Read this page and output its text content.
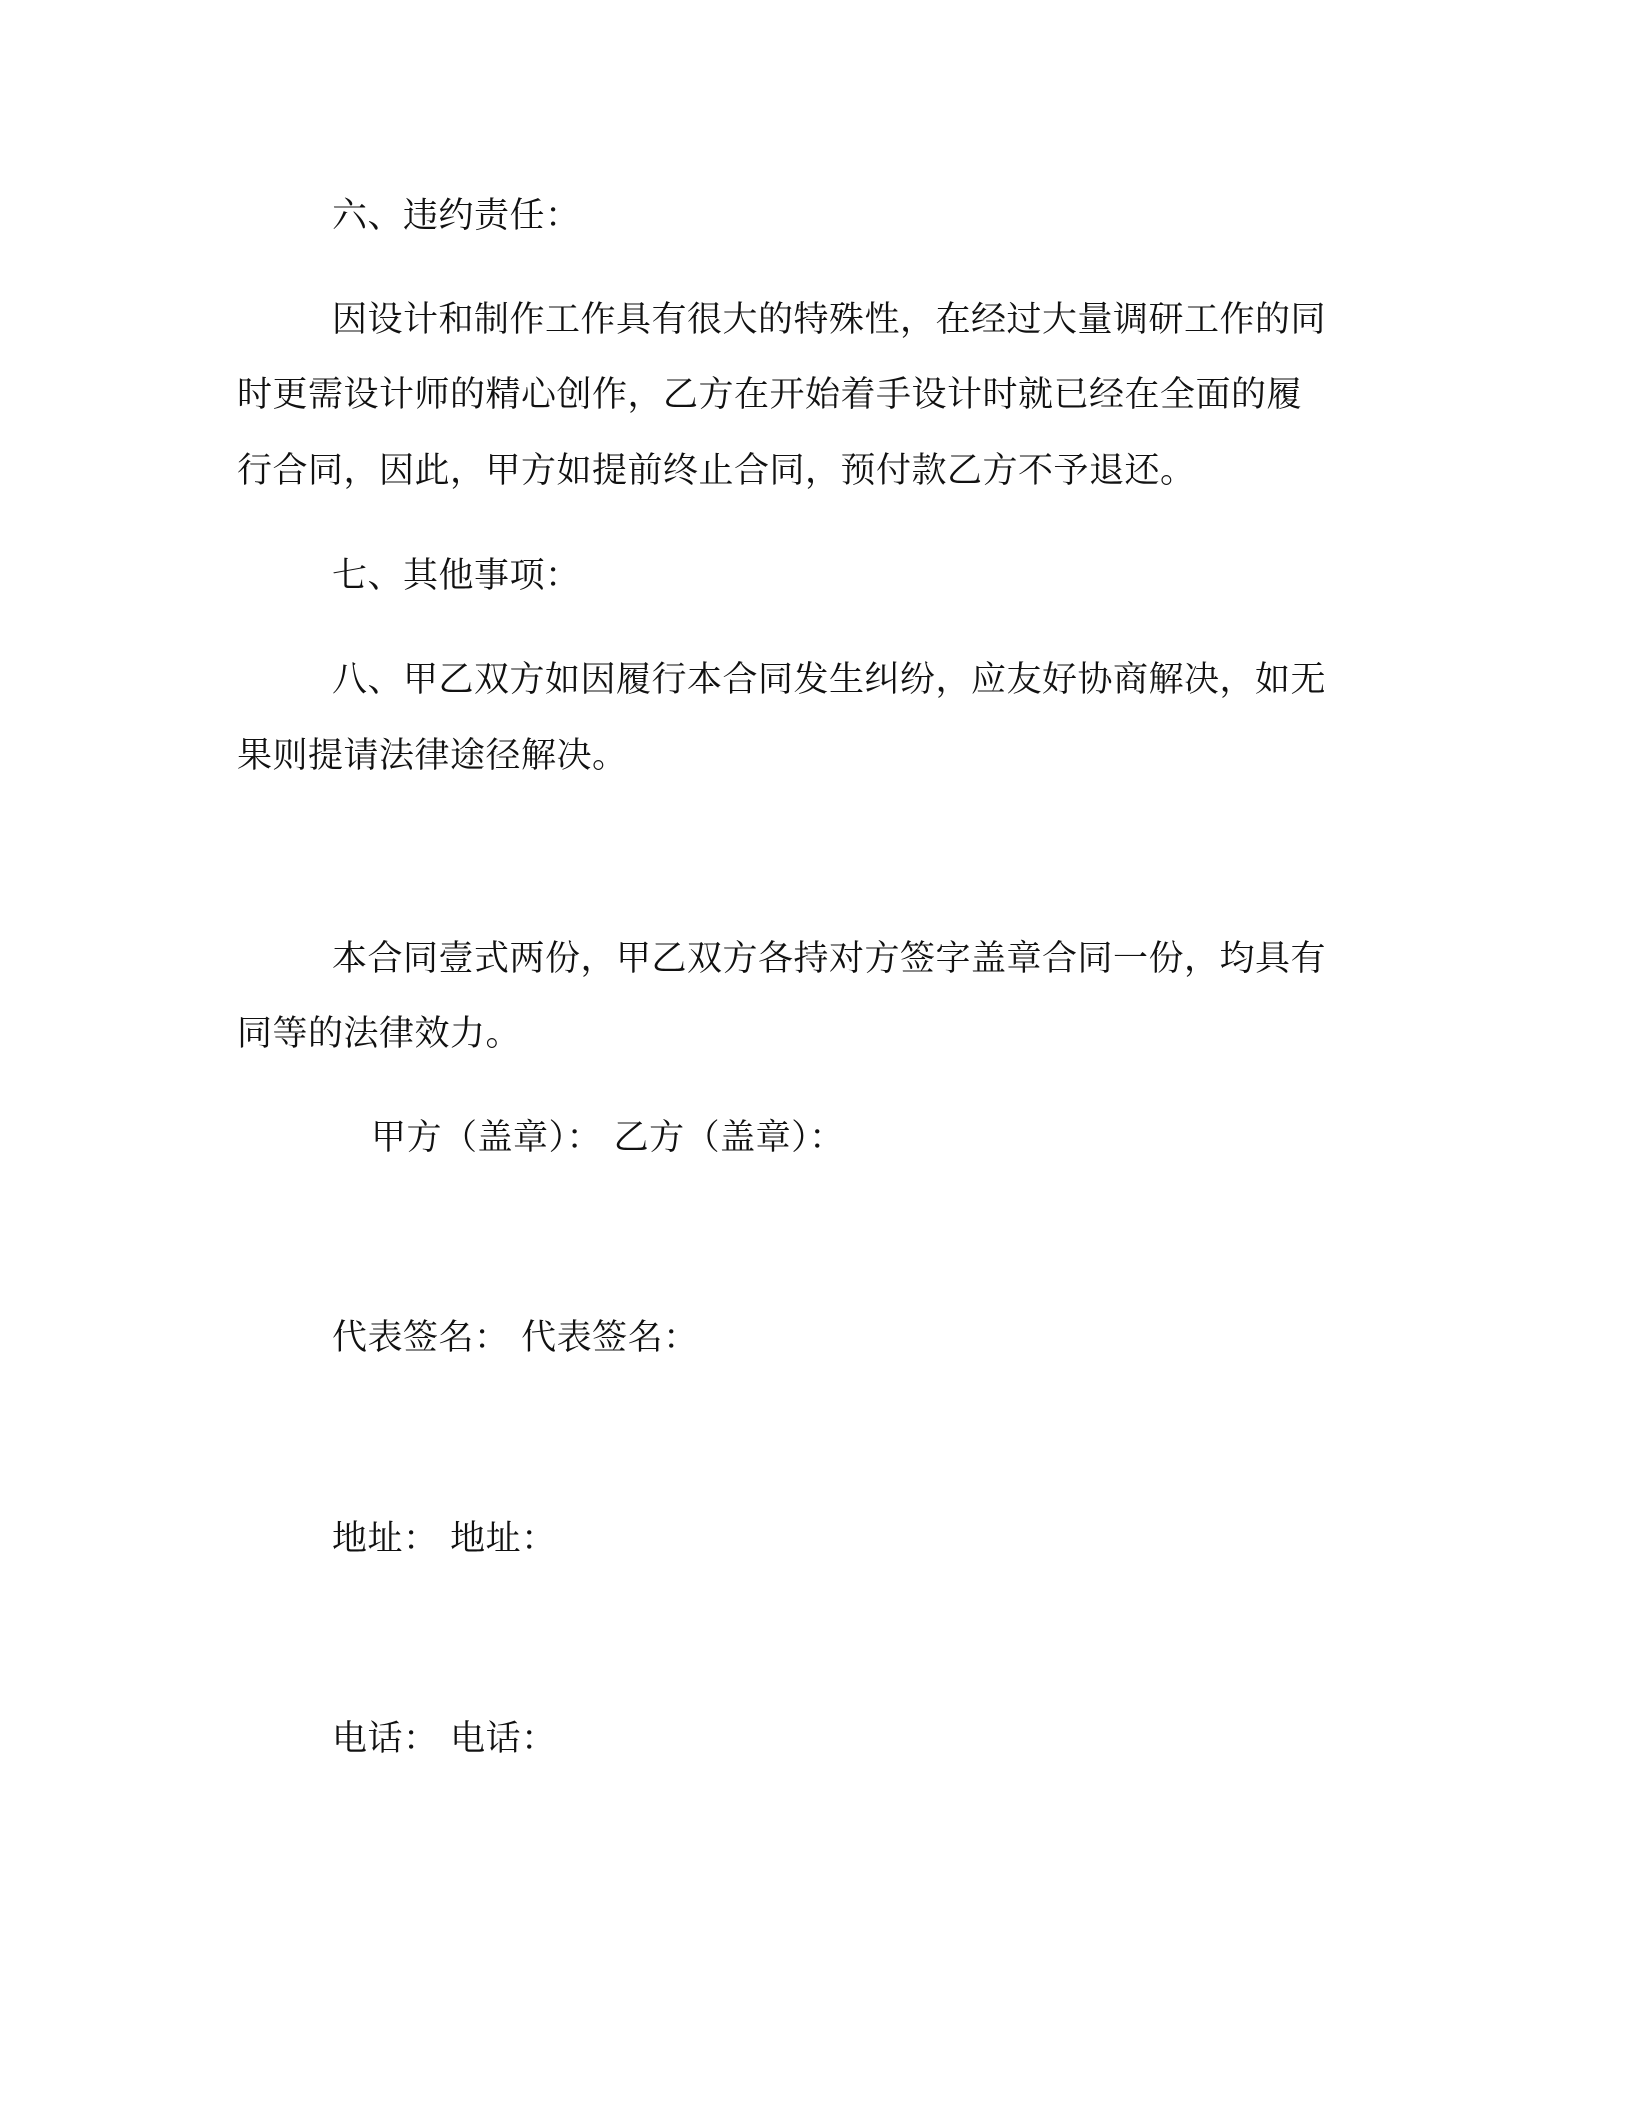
六、违约责任：

因设计和制作工作具有很大的特殊性，在经过大量调研工作的同

时更需设计师的精心创作，乙方在开始着手设计时就已经在全面的履

行合同，因此，甲方如提前终止合同，预付款乙方不予退还。

七、其他事项：

八、甲乙双方如因履行本合同发生纠纷，应友好协商解决，如无

果则提请法律途径解决。

本合同壹式两份，甲乙双方各持对方签字盖章合同一份，均具有

同等的法律效力。

甲方（盖章）： 乙方（盖章）：

代表签名： 代表签名：

地址： 地址：

电话： 电话：
